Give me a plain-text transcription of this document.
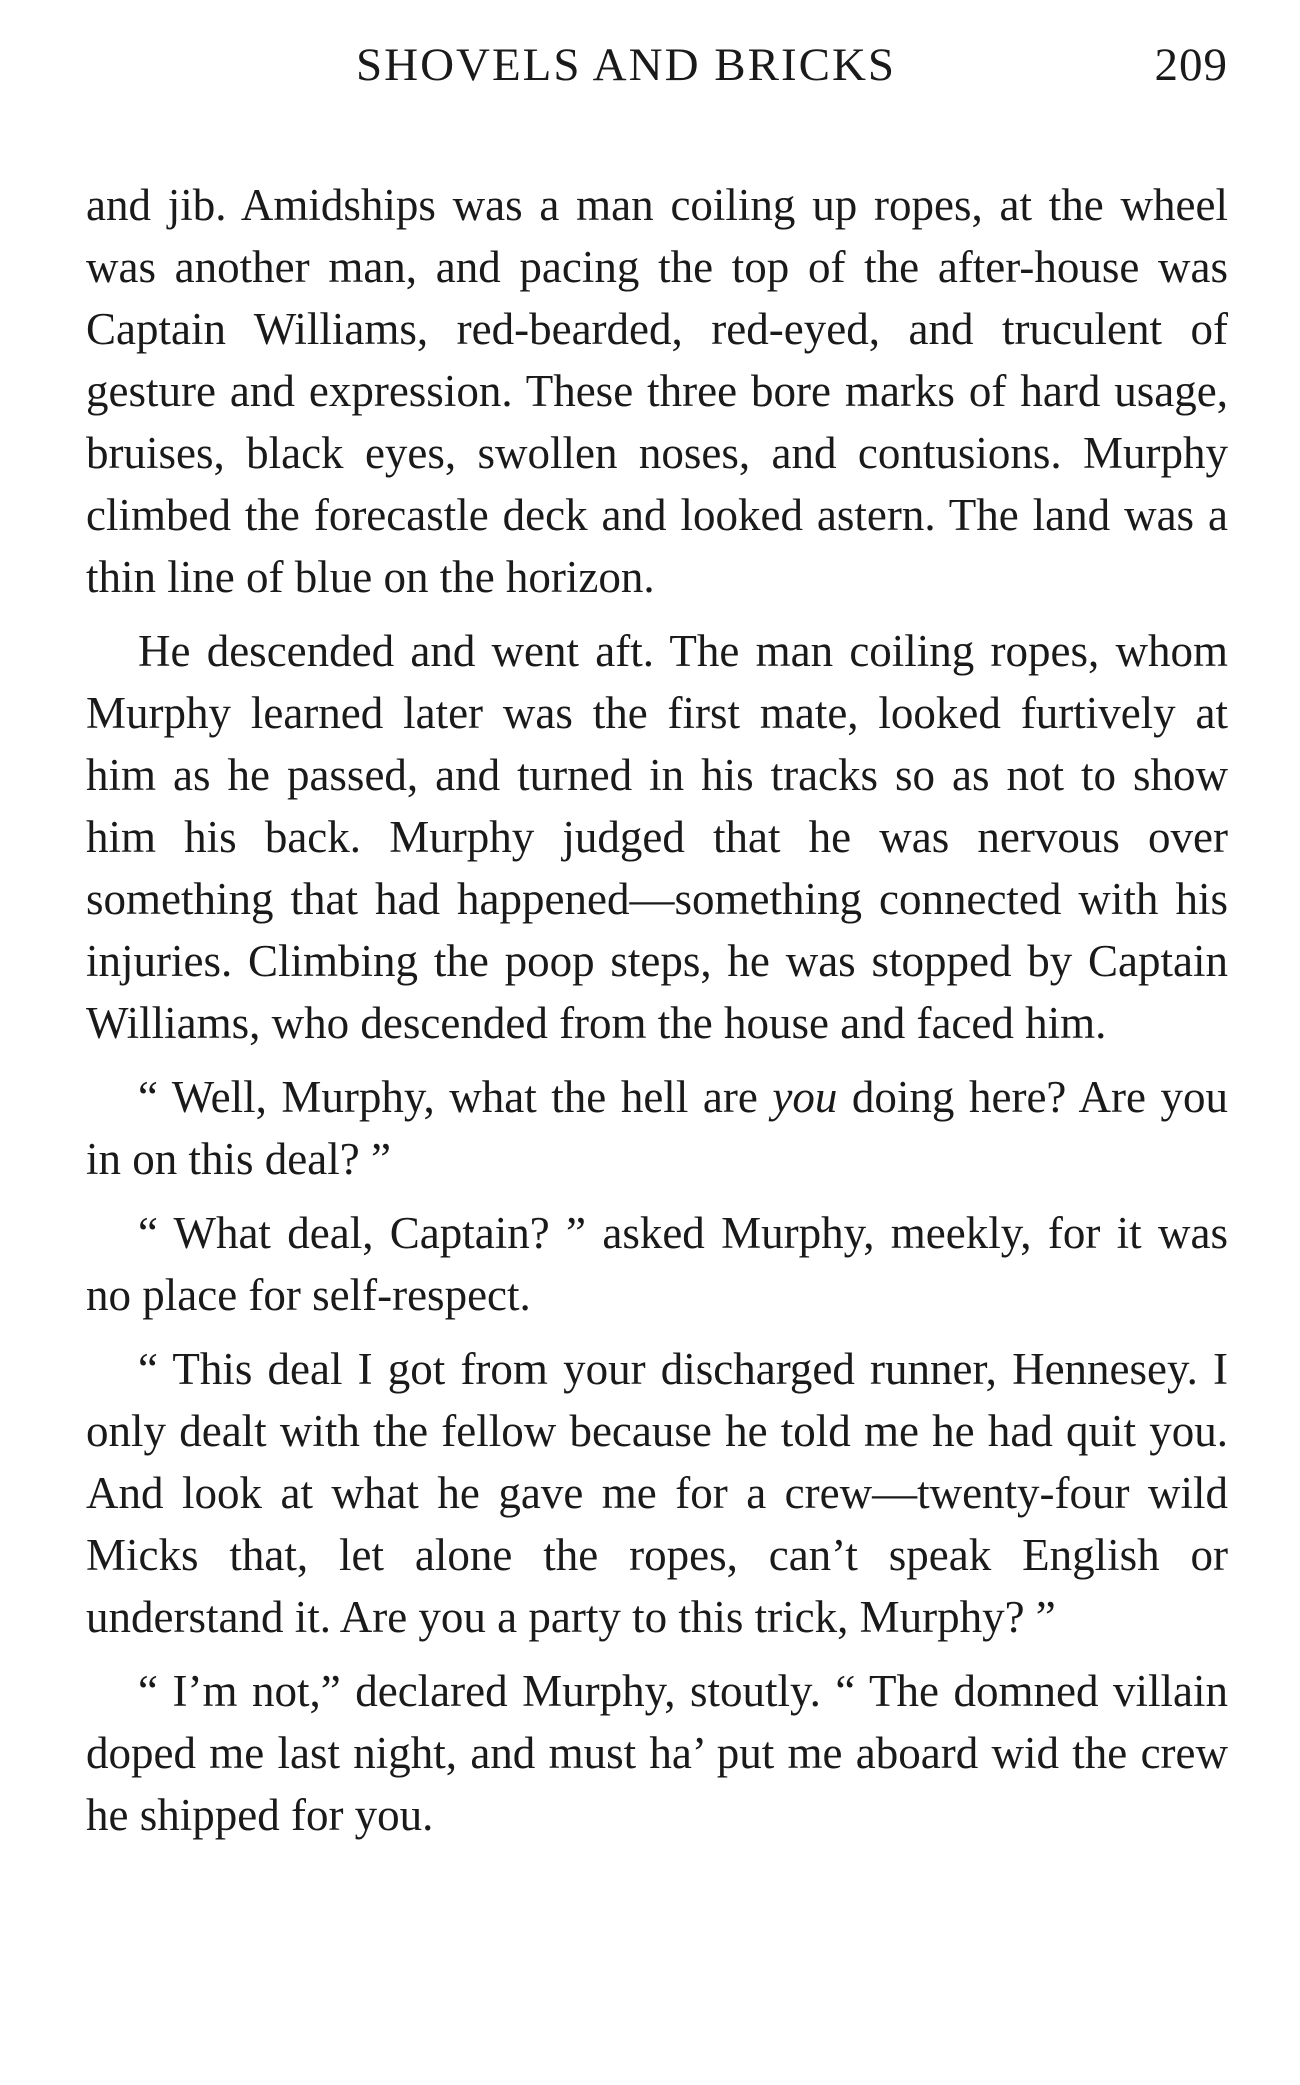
SHOVELS AND BRICKS	209

and jib. Amidships was a man coiling up ropes, at the wheel was another man, and pacing the top of the after-house was Captain Williams, red-bearded, red-eyed, and truculent of gesture and expression. These three bore marks of hard usage, bruises, black eyes, swollen noses, and contusions. Murphy climbed the forecastle deck and looked astern. The land was a thin line of blue on the horizon.

He descended and went aft. The man coiling ropes, whom Murphy learned later was the first mate, looked furtively at him as he passed, and turned in his tracks so as not to show him his back. Murphy judged that he was nervous over something that had happened—something connected with his injuries. Climbing the poop steps, he was stopped by Captain Williams, who descended from the house and faced him.

“ Well, Murphy, what the hell are you doing here? Are you in on this deal? ”

“ What deal, Captain? ” asked Murphy, meekly, for it was no place for self-respect.

“ This deal I got from your discharged runner, Hennesey. I only dealt with the fellow because he told me he had quit you. And look at what he gave me for a crew—twenty-four wild Micks that, let alone the ropes, can’t speak English or understand it. Are you a party to this trick, Murphy? ”

“ I’m not,” declared Murphy, stoutly. “ The domned villain doped me last night, and must ha’ put me aboard wid the crew he shipped for you.
